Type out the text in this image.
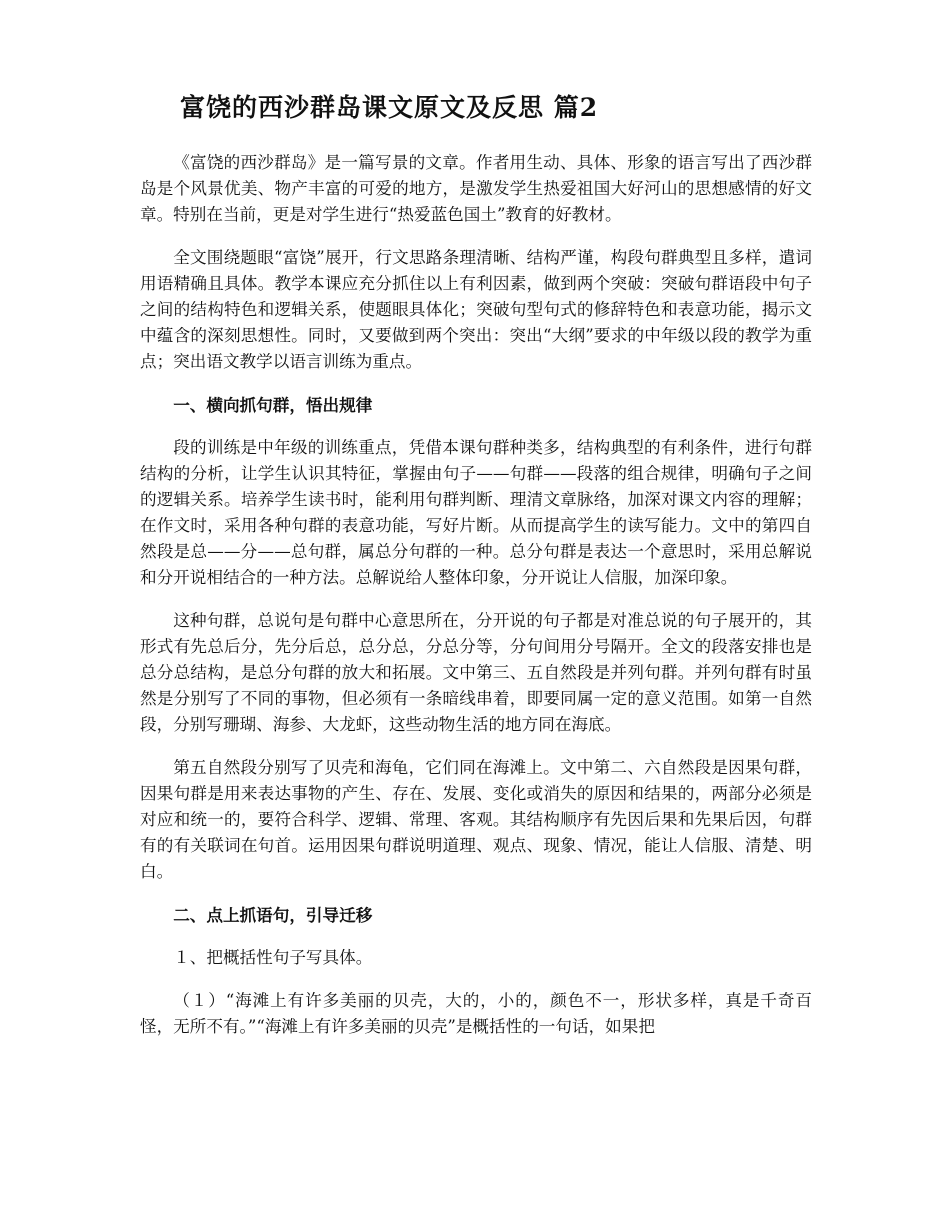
富饶的西沙群岛课文原文及反思 篇2

《富饶的西沙群岛》是一篇写景的文章。作者用生动、具体、形象的语言写出了西沙群岛是个风景优美、物产丰富的可爱的地方，是激发学生热爱祖国大好河山的思想感情的好文章。特别在当前，更是对学生进行“热爱蓝色国土”教育的好教材。

全文围绕题眼“富饶”展开，行文思路条理清晰、结构严谨，构段句群典型且多样，遣词用语精确且具体。教学本课应充分抓住以上有利因素，做到两个突破：突破句群语段中句子之间的结构特色和逻辑关系，使题眼具体化；突破句型句式的修辞特色和表意功能，揭示文中蕴含的深刻思想性。同时，又要做到两个突出：突出“大纲”要求的中年级以段的教学为重点；突出语文教学以语言训练为重点。

一、横向抓句群，悟出规律

段的训练是中年级的训练重点，凭借本课句群种类多，结构典型的有利条件，进行句群结构的分析，让学生认识其特征，掌握由句子——句群——段落的组合规律，明确句子之间的逻辑关系。培养学生读书时，能利用句群判断、理清文章脉络，加深对课文内容的理解；在作文时，采用各种句群的表意功能，写好片断。从而提高学生的读写能力。文中的第四自然段是总——分——总句群，属总分句群的一种。总分句群是表达一个意思时，采用总解说和分开说相结合的一种方法。总解说给人整体印象，分开说让人信服，加深印象。

这种句群，总说句是句群中心意思所在，分开说的句子都是对准总说的句子展开的，其形式有先总后分，先分后总，总分总，分总分等，分句间用分号隔开。全文的段落安排也是总分总结构，是总分句群的放大和拓展。文中第三、五自然段是并列句群。并列句群有时虽然是分别写了不同的事物，但必须有一条暗线串着，即要同属一定的意义范围。如第一自然段，分别写珊瑚、海参、大龙虾，这些动物生活的地方同在海底。

第五自然段分别写了贝壳和海龟，它们同在海滩上。文中第二、六自然段是因果句群，因果句群是用来表达事物的产生、存在、发展、变化或消失的原因和结果的，两部分必须是对应和统一的，要符合科学、逻辑、常理、客观。其结构顺序有先因后果和先果后因，句群有的有关联词在句首。运用因果句群说明道理、观点、现象、情况，能让人信服、清楚、明白。

二、点上抓语句，引导迁移

１、把概括性句子写具体。

（１）“海滩上有许多美丽的贝壳，大的，小的，颜色不一，形状多样，真是千奇百怪，无所不有。”“海滩上有许多美丽的贝壳”是概括性的一句话，如果把
